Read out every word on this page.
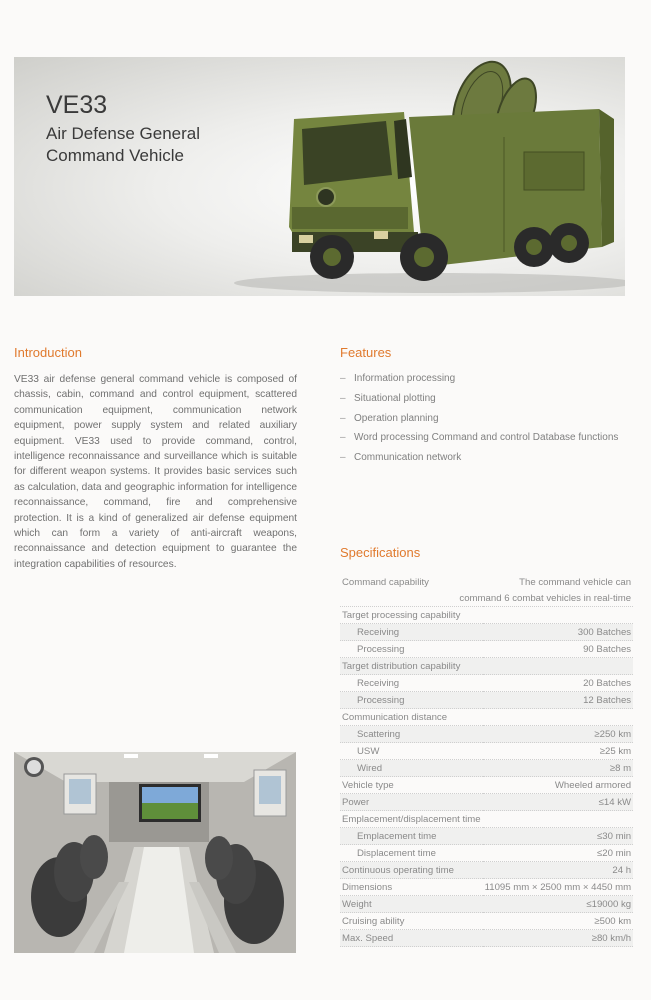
VE33
Air Defense General
Command Vehicle
Introduction
VE33 air defense general command vehicle is composed of chassis, cabin, command and control equipment, scattered communication equipment, communication network equipment, power supply system and related auxiliary equipment. VE33 used to provide command, control, intelligence reconnaissance and surveillance which is suitable for different weapon systems. It provides basic services such as calculation, data and geographic information for intelligence reconnaissance, command, fire and comprehensive protection. It is a kind of generalized air defense equipment which can form a variety of anti-aircraft weapons, reconnaissance and detection equipment to guarantee the integration capabilities of resources.
Features
– Information processing
– Situational plotting
– Operation planning
– Word processing Command and control Database functions
– Communication network
Specifications
Command capability	The command vehicle can
command 6 combat vehicles in real-time	
Target processing capability	
Receiving	300 Batches
Processing	90 Batches
Target distribution capability	
Receiving	20 Batches
Processing	12 Batches
Communication distance	
Scattering	≥250 km
USW	≥25 km
Wired	≥8 m
Vehicle type	Wheeled armored
Power	≤14 kW
Emplacement/displacement time	
Emplacement time	≤30 min
Displacement time	≤20 min
Continuous operating time	24 h
Dimensions	11095 mm × 2500 mm × 4450 mm
Weight	≤19000 kg
Cruising ability	≥500 km
Max. Speed	≥80 km/h
